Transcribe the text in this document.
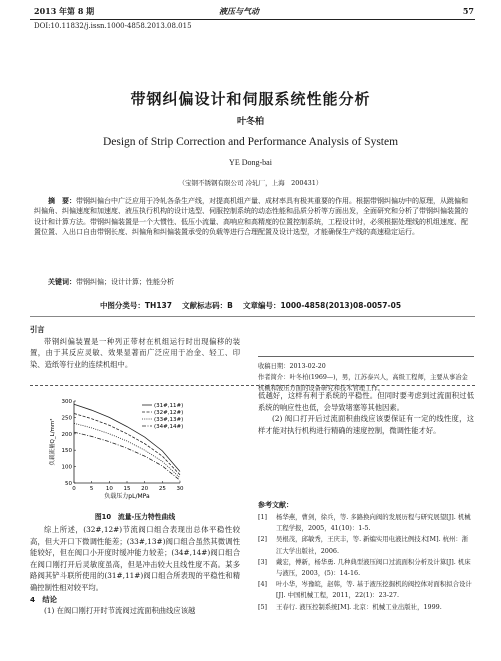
2013 年第 8 期	液压与气动	57
DOI:10.11832/j.issn.1000-4858.2013.08.015
带钢纠偏设计和伺服系统性能分析
叶冬柏
Design of Strip Correction and Performance Analysis of System
YE Dong-bai
（宝钢不锈钢有限公司 冷轧厂，上海　200431）
摘　要：带钢纠偏台中广泛应用于冷轧各条生产线，对提高机组产量、成材率具有极其重要的作用。根据带钢纠偏功中的原理，从跳偏和纠偏角、纠偏速度和加速度、液压执行机构的设计选型、伺服控制系统的动态性能和品质分析等方面出发，全面研究和分析了带钢纠偏装置的设计和计算方法。带钢纠偏装置是一个大惯性、低压小流量、高响应和高精度的位置控制系统，工程设计时，必须根据处理线的机组速度、配置位置、入出口自由带钢长度、纠偏角和纠偏装置承受的负载等进行合理配置及设计选型，才能确保生产线的高速稳定运行。
关键词：带钢纠偏；设计计算；性能分析
中图分类号：TH137  文献标志码：B  文章编号：1000-4858(2013)08-0057-05
引言
带钢纠偏装置是一种列正带材在机组运行时出现偏移的装置，由于其反应灵敏、效果显著而广泛应用于冶金、轻工、印染、造纸等行业的连续机组中。	收稿日期：2013-02-20
作者简介：叶冬柏(1969—)，男，江苏泰兴人，高级工程师，主要从事冶金机械和液压方面的设备研究和技术管理工作。
0	5 10 15 20 25 30
50
100
150
200
250
300
(31#,11#)
(32#,12#)
(33#,13#)
(34#,14#)
负载压力pL/MPa
负载流量Q_L/mm³
图10　流量-压力特性曲线
综上所述，(32#,12#)节流阀口组合表现出总体平稳性较高，但大开口下微调性能差；(33#,13#)阀口组合虽然其微调性能较好，但在阀口小开度时缓冲能力较差；(34#,14#)阀口组合在阀口刚打开后灵敏度虽高，但是冲击较大且线性度不高。某多路阀其铲斗联所使用的(31#,11#)阀口组合所表现的平稳性和精确控制性相对较平均。
4　结论
(1) 在阀口刚打开时节流阀过流面积曲线应该越
低越好，这样有利于系统的平稳性。但同时要考虑到过流面积过低系统的响应性也低，会导致堵塞等其他因素。
(2) 阀口打开后过流面积曲线应该要保证有一定的线性度，这样才能对执行机构进行精确的速度控制，微调性能才好。
参考文献：
[1] 杨华燕，曹剑，徐兵，等. 多路换向阀的发展历程与研究展望[J]. 机械工程学报，2005，41(10)：1-5.
[2] 吴根茂，邱敏秀，王庆丰，等. 新编实用电液比例技术[M]. 杭州：浙江大学出版社，2006.
[3] 戴宏，傅新，杨华勇. 几种典型液压阀口过流面积分析及计算[J]. 机床与液压，2003，(5)：14-16.
[4] 叶小华，岑豫皖，赵韩，等. 基于液压挖掘机的阀控体对面积拟合设计[J]. 中国机械工程，2011，22(1)：23-27.
[5] 王春行. 液压控制系统[M]. 北京：机械工业出版社，1999.
